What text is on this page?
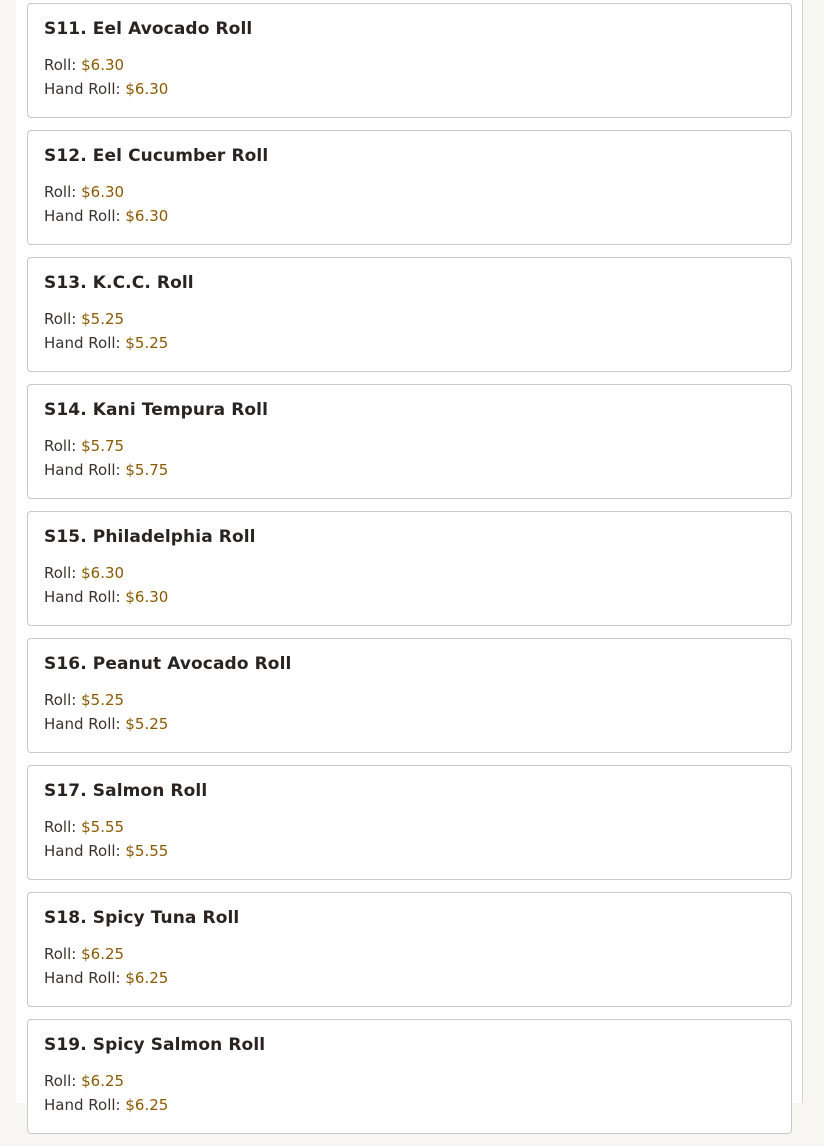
S11. Eel Avocado Roll
Roll: $6.30
Hand Roll: $6.30
S12. Eel Cucumber Roll
Roll: $6.30
Hand Roll: $6.30
S13. K.C.C. Roll
Roll: $5.25
Hand Roll: $5.25
S14. Kani Tempura Roll
Roll: $5.75
Hand Roll: $5.75
S15. Philadelphia Roll
Roll: $6.30
Hand Roll: $6.30
S16. Peanut Avocado Roll
Roll: $5.25
Hand Roll: $5.25
S17. Salmon Roll
Roll: $5.55
Hand Roll: $5.55
S18. Spicy Tuna Roll
Roll: $6.25
Hand Roll: $6.25
S19. Spicy Salmon Roll
Roll: $6.25
Hand Roll: $6.25
